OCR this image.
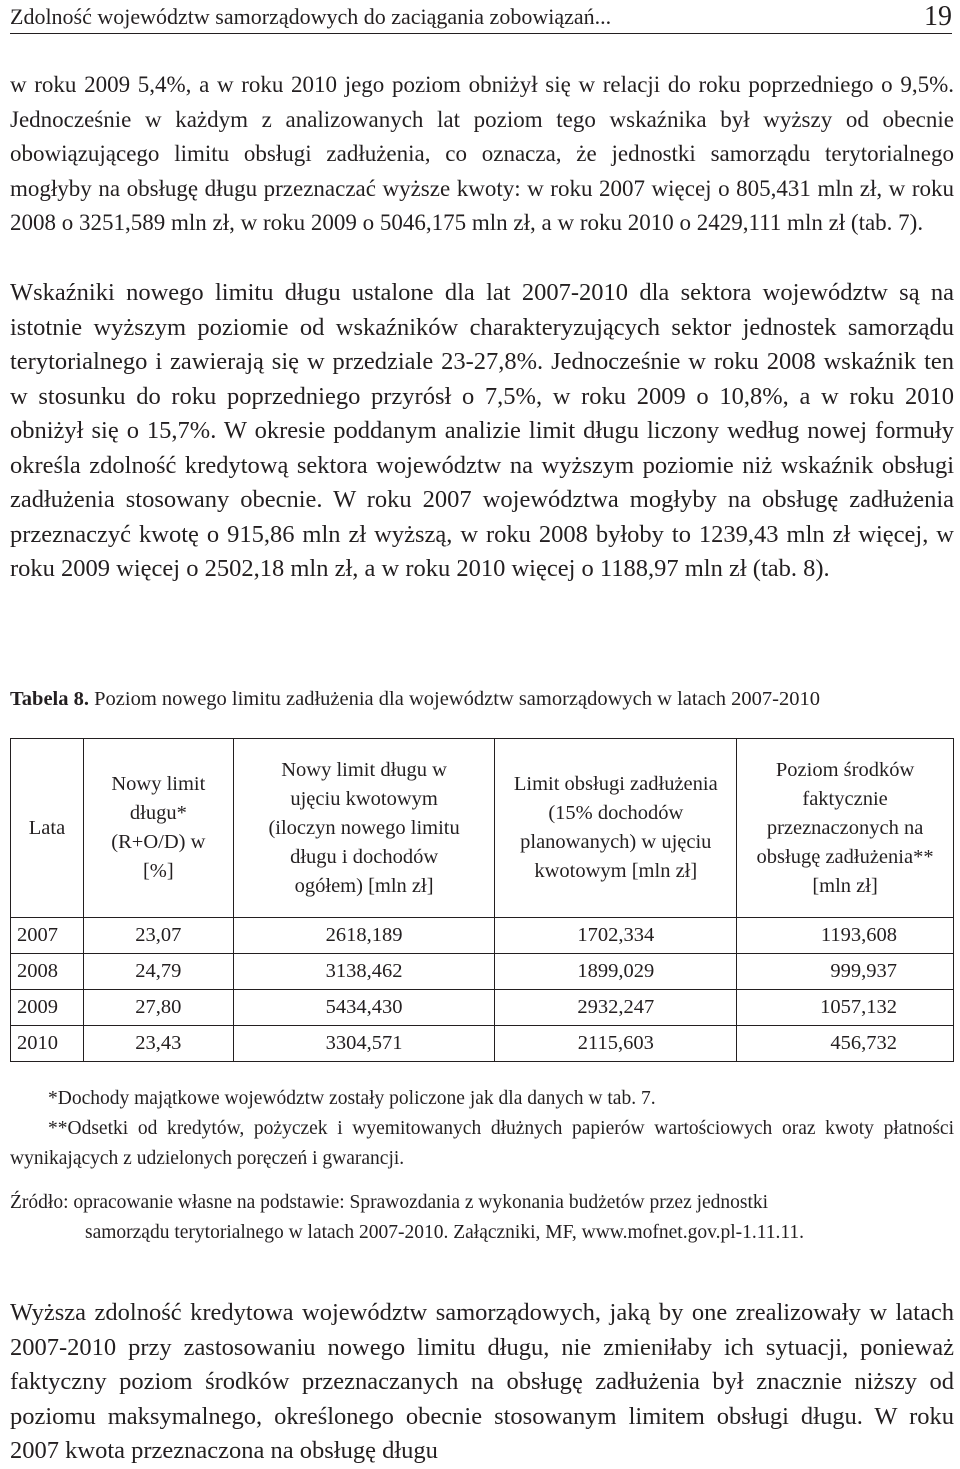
Zdolność województw samorządowych do zaciągania zobowiązań...	19

w roku 2009 5,4%, a w roku 2010 jego poziom obniżył się w relacji do roku poprzedniego o 9,5%. Jednocześnie w każdym z analizowanych lat poziom tego wskaźnika był wyższy od obecnie obowiązującego limitu obsługi zadłużenia, co oznacza, że jednostki samorządu terytorialnego mogłyby na obsługę długu przeznaczać wyższe kwoty: w roku 2007 więcej o 805,431 mln zł, w roku 2008 o 3251,589 mln zł, w roku 2009 o 5046,175 mln zł, a w roku 2010 o 2429,111 mln zł (tab. 7).

Wskaźniki nowego limitu długu ustalone dla lat 2007-2010 dla sektora województw są na istotnie wyższym poziomie od wskaźników charakteryzujących sektor jednostek samorządu terytorialnego i zawierają się w przedziale 23-27,8%. Jednocześnie w roku 2008 wskaźnik ten w stosunku do roku poprzedniego przyrósł o 7,5%, w roku 2009 o 10,8%, a w roku 2010 obniżył się o 15,7%. W okresie poddanym analizie limit długu liczony według nowej formuły określa zdolność kredytową sektora województw na wyższym poziomie niż wskaźnik obsługi zadłużenia stosowany obecnie. W roku 2007 województwa mogłyby na obsługę zadłużenia przeznaczyć kwotę o 915,86 mln zł wyższą, w roku 2008 byłoby to 1239,43 mln zł więcej, w roku 2009 więcej o 2502,18 mln zł, a w roku 2010 więcej o 1188,97 mln zł (tab. 8).

Tabela 8. Poziom nowego limitu zadłużenia dla województw samorządowych w latach 2007-2010
Lata	Nowy limit długu* (R+O/D) w [%]	Nowy limit długu w ujęciu kwotowym (iloczyn nowego limitu długu i dochodów ogółem) [mln zł]	Limit obsługi zadłużenia (15% dochodów planowanych) w ujęciu kwotowym [mln zł]	Poziom środków faktycznie przeznaczonych na obsługę zadłużenia** [mln zł]
2007	23,07	2618,189	1702,334	1193,608
2008	24,79	3138,462	1899,029	999,937
2009	27,80	5434,430	2932,247	1057,132
2010	23,43	3304,571	2115,603	456,732

*Dochody majątkowe województw zostały policzone jak dla danych w tab. 7.

**Odsetki od kredytów, pożyczek i wyemitowanych dłużnych papierów wartościowych oraz kwoty płatności wynikających z udzielonych poręczeń i gwarancji.

Źródło: opracowanie własne na podstawie: Sprawozdania z wykonania budżetów przez jednostki
samorządu terytorialnego w latach 2007-2010. Załączniki, MF, www.mofnet.gov.pl-1.11.11.

Wyższa zdolność kredytowa województw samorządowych, jaką by one zrealizowały w latach 2007-2010 przy zastosowaniu nowego limitu długu, nie zmieniłaby ich sytuacji, ponieważ faktyczny poziom środków przeznaczanych na obsługę zadłużenia był znacznie niższy od poziomu maksymalnego, określonego obecnie stosowanym limitem obsługi długu. W roku 2007 kwota przeznaczona na obsługę długu
